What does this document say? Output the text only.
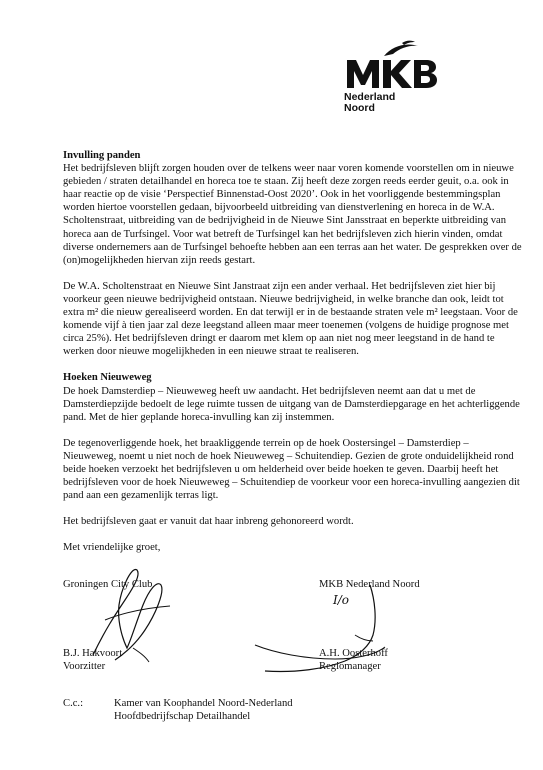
Nederland
Noord
Invulling panden

Het bedrijfsleven blijft zorgen houden over de telkens weer naar voren komende voorstellen om in nieuwe gebieden / straten detailhandel en horeca toe te staan. Zij heeft deze zorgen reeds eerder geuit, o.a. ook in haar reactie op de visie ‘Perspectief Binnenstad-Oost 2020’. Ook in het voorliggende bestemmingsplan worden hiertoe voorstellen gedaan, bijvoorbeeld uitbreiding van dienstverlening en horeca in de W.A. Scholtenstraat, uitbreiding van de bedrijvigheid in de Nieuwe Sint Jansstraat en beperkte uitbreiding van horeca aan de Turfsingel. Voor wat betreft de Turfsingel kan het bedrijfsleven zich hierin vinden, omdat diverse ondernemers aan de Turfsingel behoefte hebben aan een terras aan het water. De gesprekken over de (on)mogelijkheden hiervan zijn reeds gestart.

De W.A. Scholtenstraat en Nieuwe Sint Janstraat zijn een ander verhaal. Het bedrijfsleven ziet hier bij voorkeur geen nieuwe bedrijvigheid ontstaan. Nieuwe bedrijvigheid, in welke branche dan ook, leidt tot extra m² die nieuw gerealiseerd worden. En dat terwijl er in de bestaande straten vele m² leegstaan. Voor de komende vijf à tien jaar zal deze leegstand alleen maar meer toenemen (volgens de huidige prognose met circa 25%). Het bedrijfsleven dringt er daarom met klem op aan niet nog meer leegstand in de hand te werken door nieuwe mogelijkheden in een nieuwe straat te realiseren.

Hoeken Nieuweweg

De hoek Damsterdiep – Nieuweweg heeft uw aandacht. Het bedrijfsleven neemt aan dat u met de Damsterdiepzijde bedoelt de lege ruimte tussen de uitgang van de Damsterdiepgarage en het achterliggende pand. Met de hier geplande horeca-invulling kan zij instemmen.

De tegenoverliggende hoek, het braakliggende terrein op de hoek Oostersingel – Damsterdiep – Nieuweweg, noemt u niet noch de hoek Nieuweweg – Schuitendiep. Gezien de grote onduidelijkheid rond beide hoeken verzoekt het bedrijfsleven u om helderheid over beide hoeken te geven. Daarbij heeft het bedrijfsleven voor de hoek Nieuweweg – Schuitendiep de voorkeur voor een horeca-invulling aangezien dit pand aan een gezamenlijk terras ligt.

Het bedrijfsleven gaat er vanuit dat haar inbreng gehonoreerd wordt.

Met vriendelijke groet,

Groningen City Club
B.J. Hakvoort
Voorzitter
MKB Nederland Noord
A.H. Oosterhoff
Regiomanager
I/o
C.c.:	Kamer van Koophandel Noord-Nederland
Hoofdbedrijfschap Detailhandel
